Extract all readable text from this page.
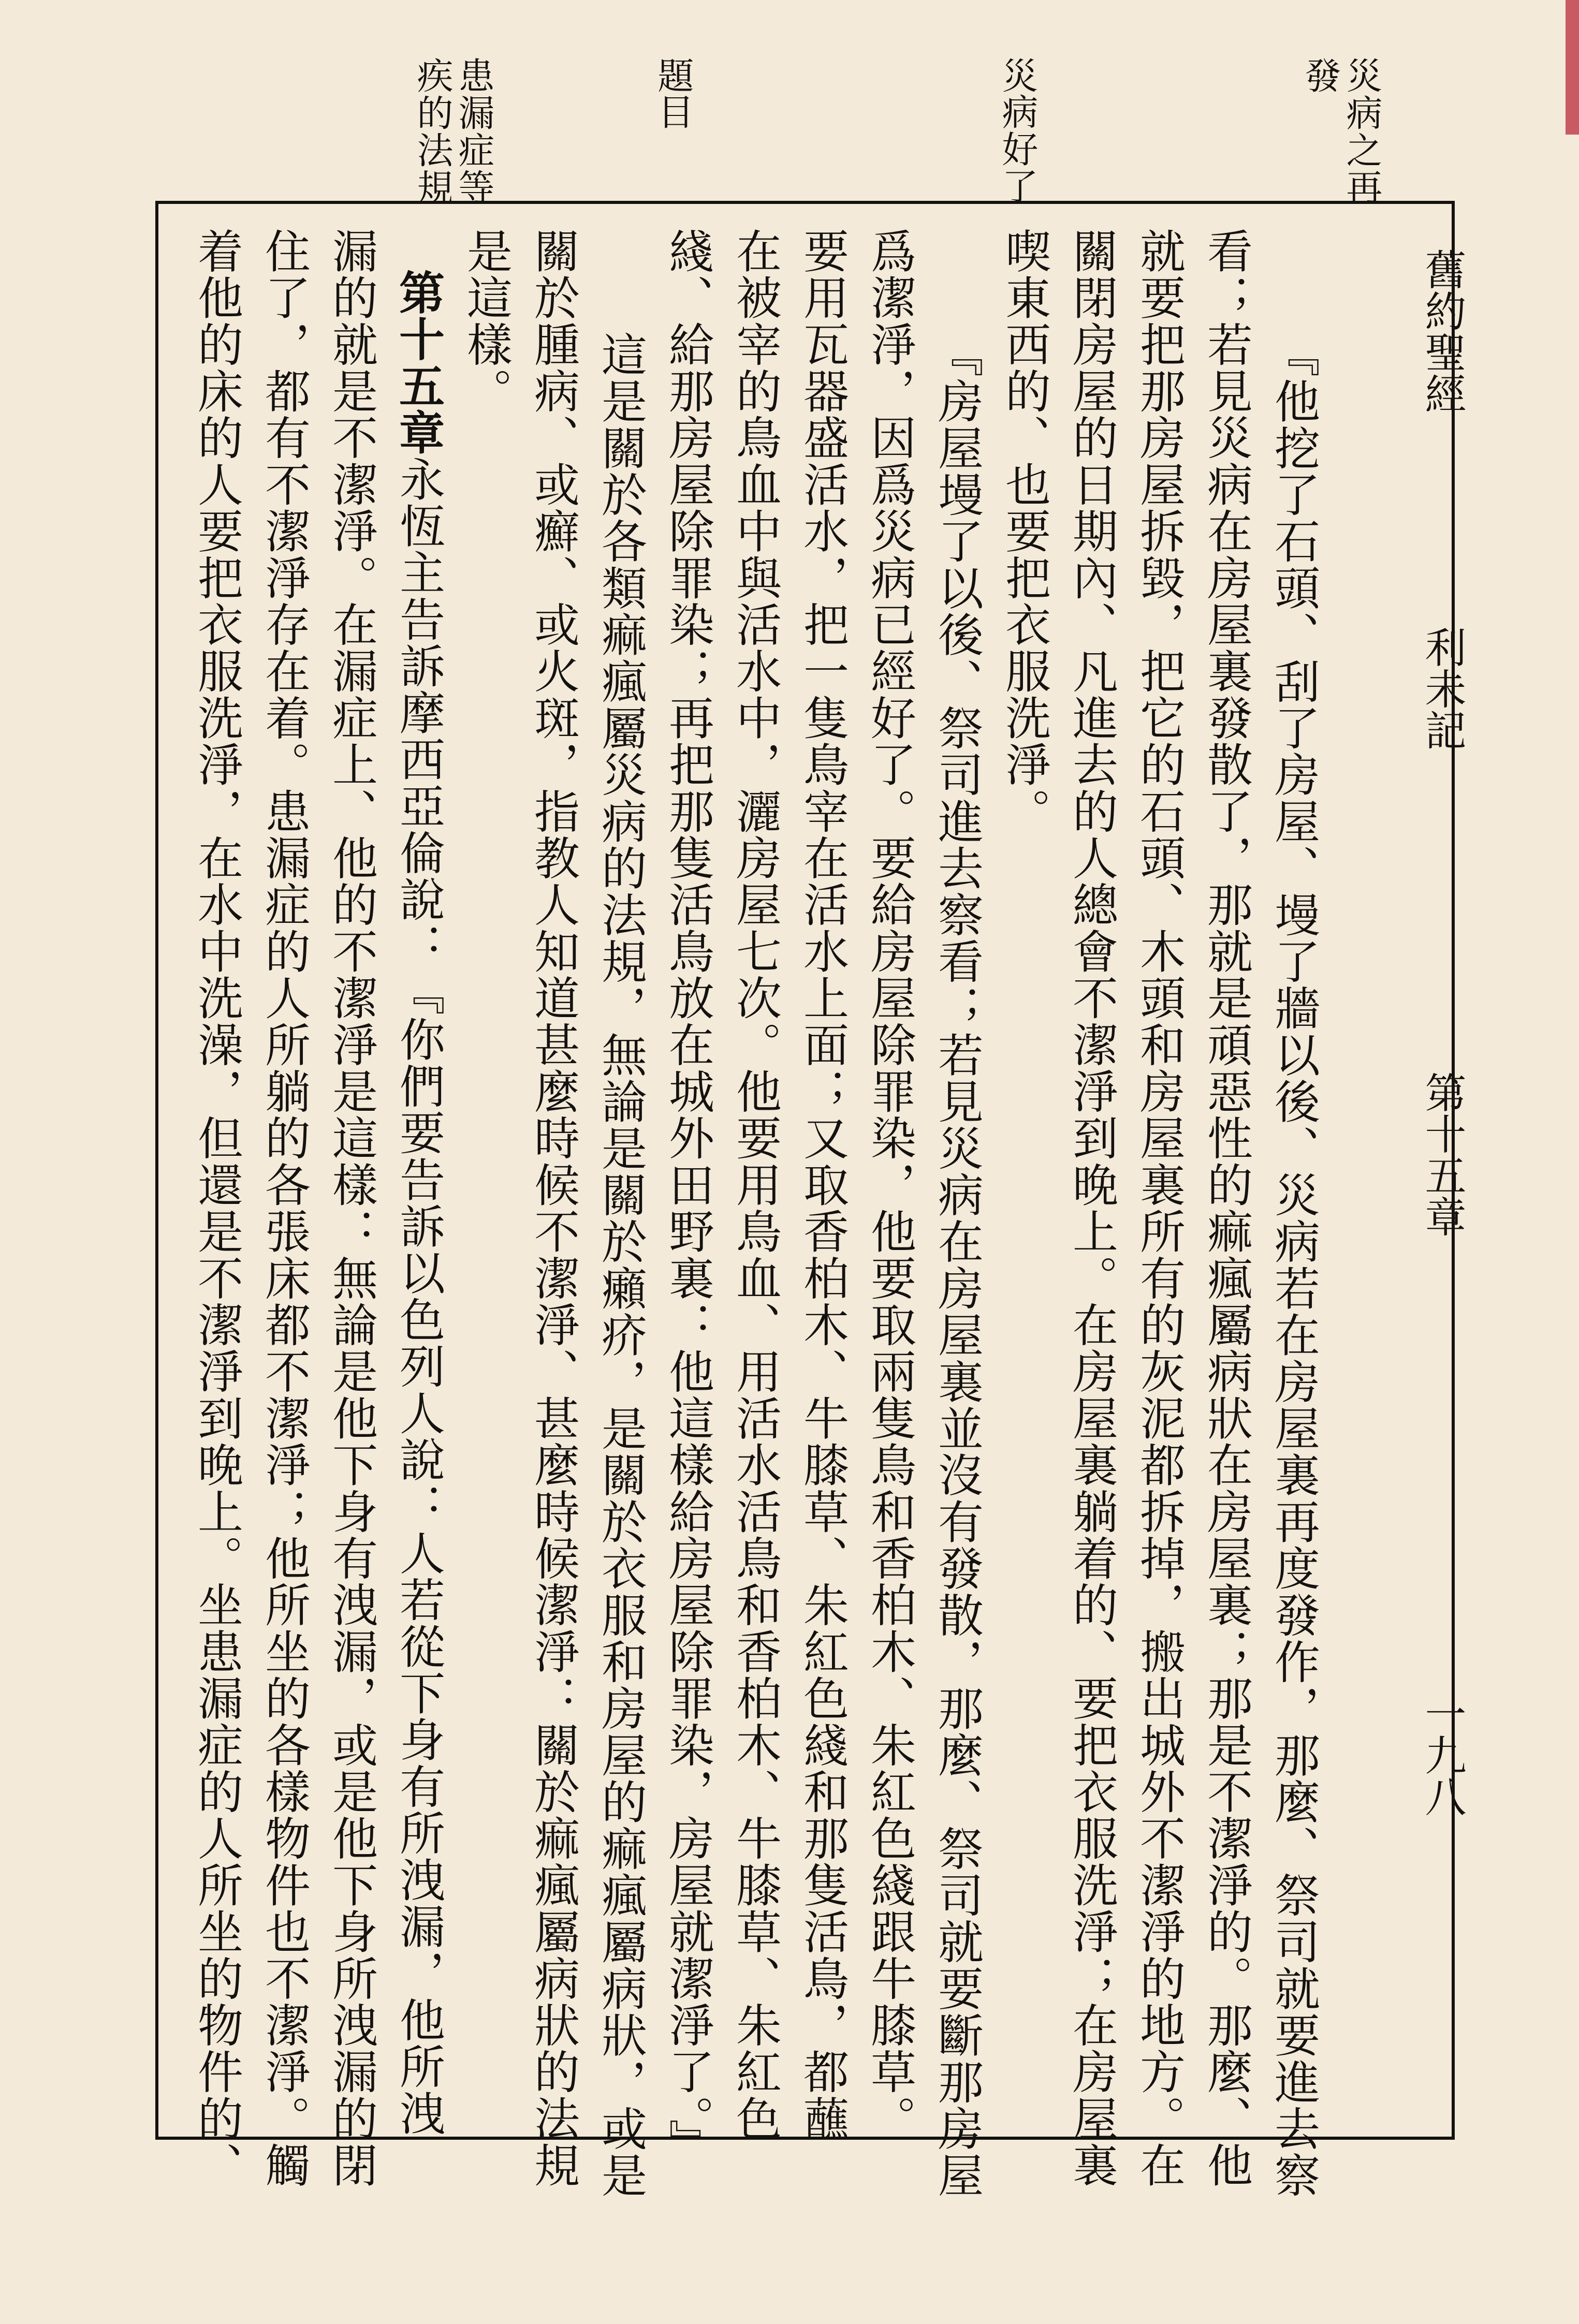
舊約聖經
利未記
第十五章
一九八
災病之再
發
災
病好了
題
目
患漏症等
疾的法規
『他挖了石頭、刮了房屋、墁了牆以後、災病若在房屋裏再度發作，那麼、祭司就要進去察
看；若見災病在房屋裏發散了，那就是頑惡性的痲瘋屬病狀在房屋裏；那是不潔淨的。那麼、他
就要把那房屋拆毀，把它的石頭、木頭和房屋裏所有的灰泥都拆掉，搬出城外不潔淨的地方。在
關閉房屋的日期內、凡進去的人總會不潔淨到晚上。在房屋裏躺着的、要把衣服洗淨；在房屋裏
喫東西的、也要把衣服洗淨。
『房屋墁了以後、祭司進去察看；若見災病在房屋裏並沒有發散，那麼、祭司就要斷那房屋
爲潔淨，因爲災病已經好了。要給房屋除罪染，他要取兩隻鳥和香柏木、朱紅色綫跟牛膝草。
要用瓦器盛活水，把一隻鳥宰在活水上面；又取香柏木、牛膝草、朱紅色綫和那隻活鳥，都蘸
在被宰的鳥血中與活水中，灑房屋七次。他要用鳥血、用活水活鳥和香柏木、牛膝草、朱紅色
綫、給那房屋除罪染；再把那隻活鳥放在城外田野裏：他這樣給房屋除罪染，房屋就潔淨了。』
這是關於各類痲瘋屬災病的法規，無論是關於癩疥，是關於衣服和房屋的痲瘋屬病狀，或是
關於腫病、或癬、或火斑，指教人知道甚麼時候不潔淨、甚麼時候潔淨：關於痲瘋屬病狀的法規
是這樣。
第十五章永恆主告訴摩西亞倫說：『你們要告訴以色列人說：人若從下身有所洩漏，他所洩
漏的就是不潔淨。在漏症上、他的不潔淨是這樣：無論是他下身有洩漏，或是他下身所洩漏的閉
住了，都有不潔淨存在着。患漏症的人所躺的各張床都不潔淨；他所坐的各樣物件也不潔淨。觸
着他的床的人要把衣服洗淨，在水中洗澡，但還是不潔淨到晚上。坐患漏症的人所坐的物件的、
